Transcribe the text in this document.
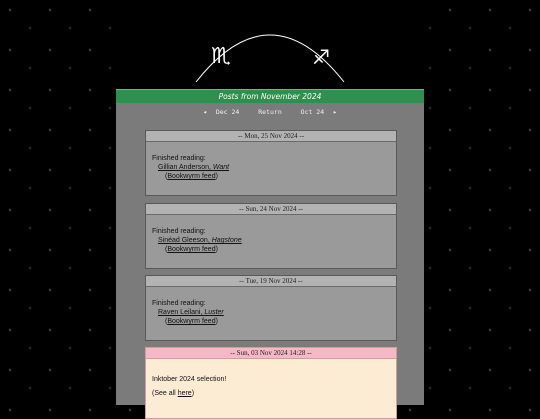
♏	♐
Posts from November 2024
◂ Dec 24	Return	Oct 24 ▸
-- Mon, 25 Nov 2024 --
Finished reading:
Gillian Anderson, Want
(Bookwyrm feed)
-- Sun, 24 Nov 2024 --
Finished reading:
Sinéad Gleeson, Hagstone
(Bookwyrm feed)
-- Tue, 19 Nov 2024 --
Finished reading:
Raven Leilani, Luster
(Bookwyrm feed)
-- Sun, 03 Nov 2024 14:28 --
Inktober 2024 selection!
(See all here)
